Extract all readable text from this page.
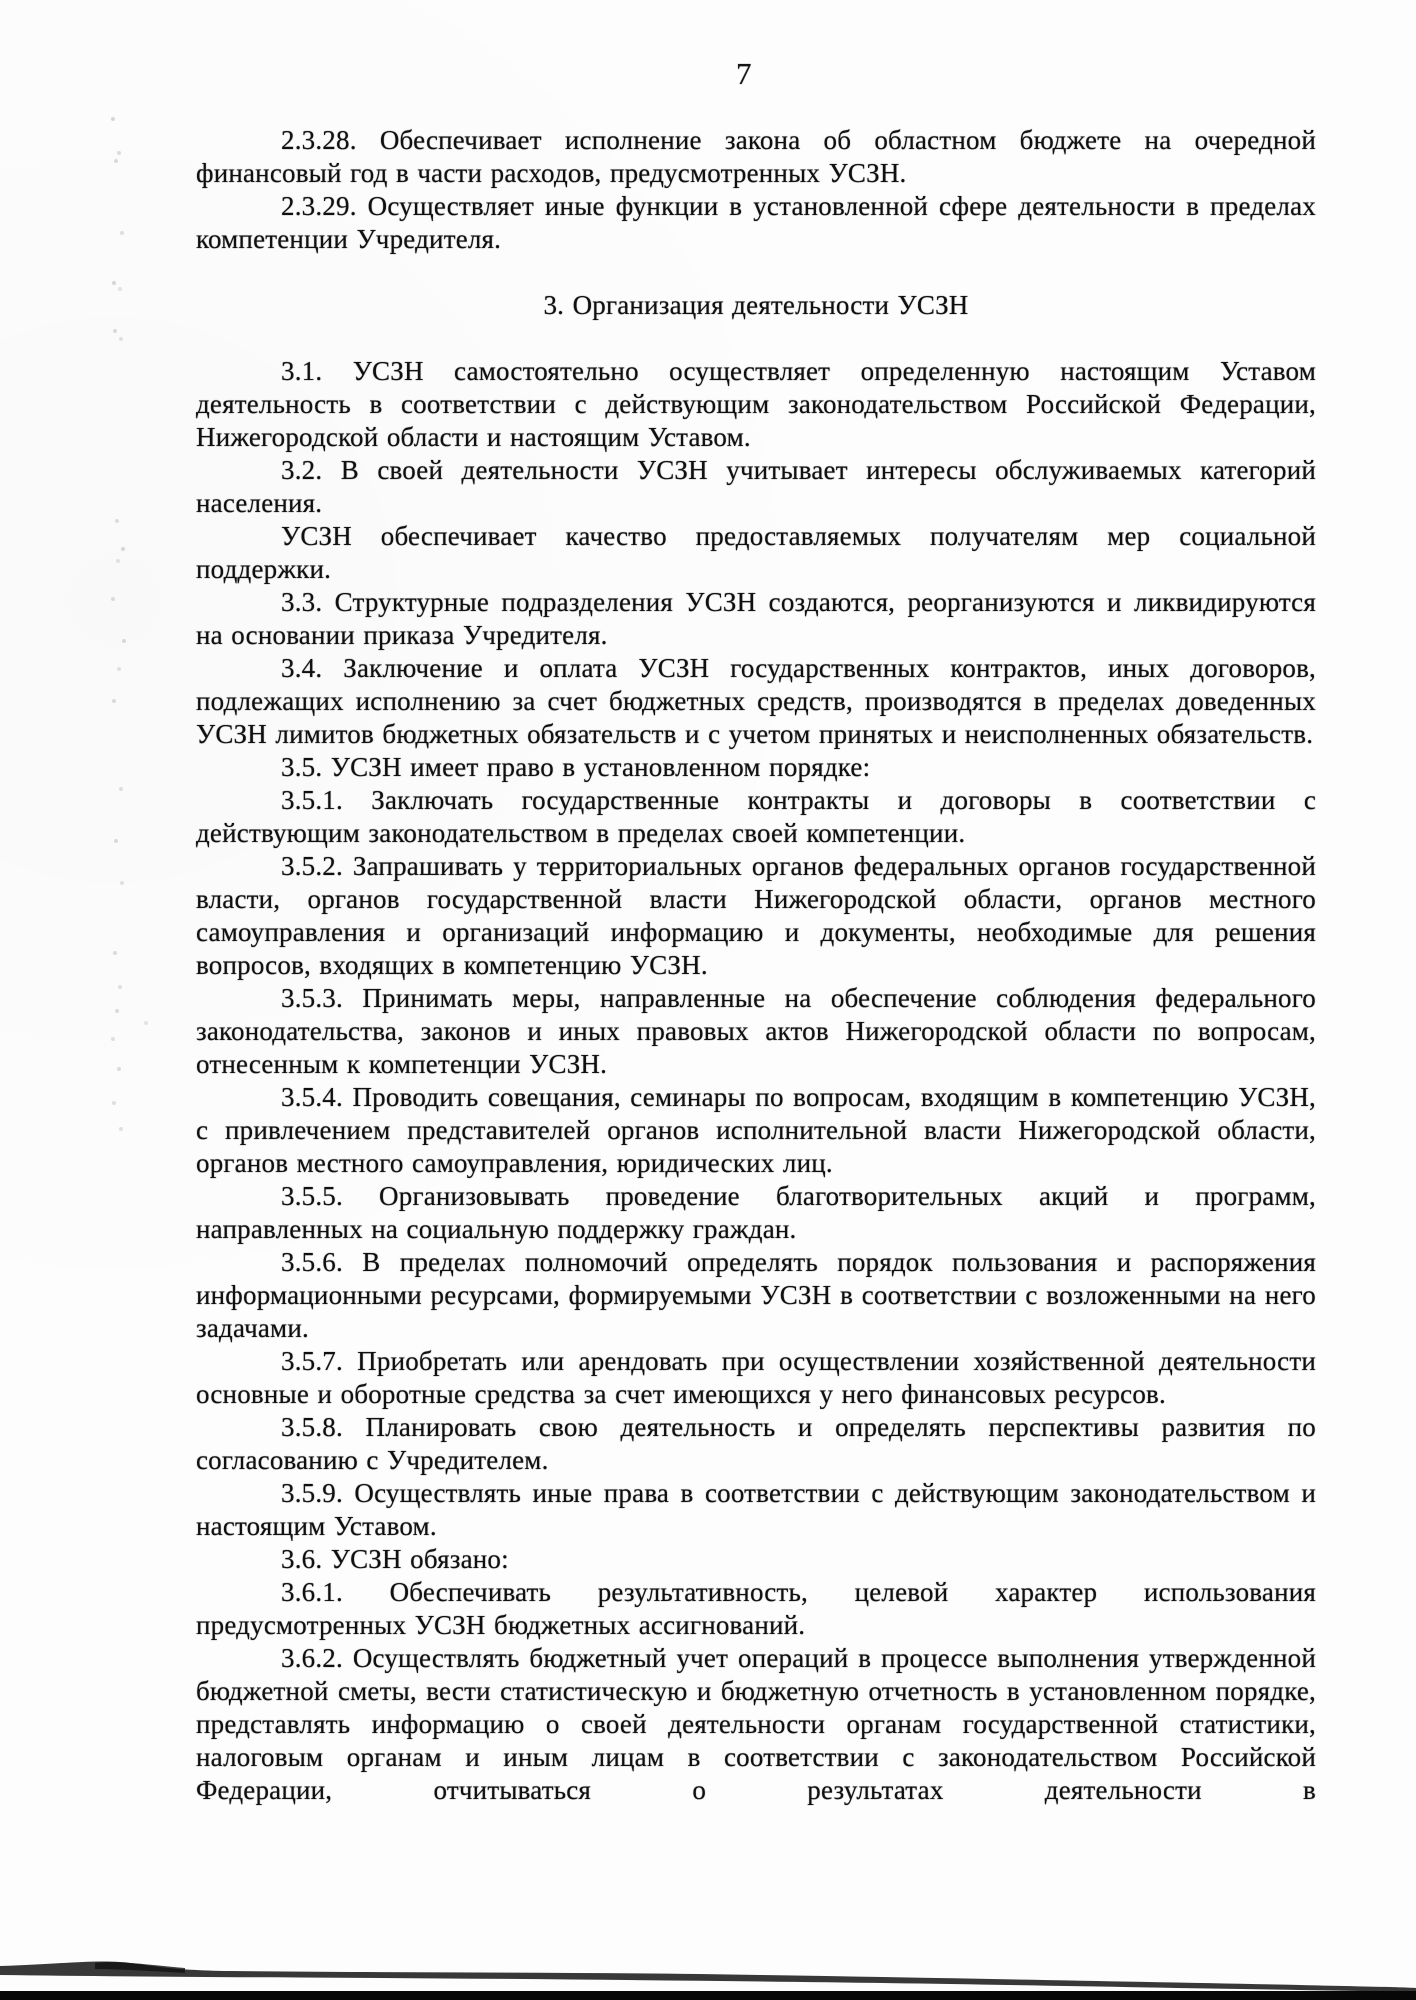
7

2.3.28. Обеспечивает исполнение закона об областном бюджете на очередной финансовый год в части расходов, предусмотренных УСЗН.

2.3.29. Осуществляет иные функции в установленной сфере деятельности в пределах компетенции Учредителя.

3. Организация деятельности УСЗН

3.1. УСЗН самостоятельно осуществляет определенную настоящим Уставом деятельность в соответствии с действующим законодательством Российской Федерации, Нижегородской области и настоящим Уставом.

3.2. В своей деятельности УСЗН учитывает интересы обслуживаемых категорий населения.

УСЗН обеспечивает качество предоставляемых получателям мер социальной поддержки.

3.3. Структурные подразделения УСЗН создаются, реорганизуются и ликвидируются на основании приказа Учредителя.

3.4. Заключение и оплата УСЗН государственных контрактов, иных договоров, подлежащих исполнению за счет бюджетных средств, производятся в пределах доведенных УСЗН лимитов бюджетных обязательств и с учетом принятых и неисполненных обязательств.

3.5. УСЗН имеет право в установленном порядке:

3.5.1. Заключать государственные контракты и договоры в соответствии с действующим законодательством в пределах своей компетенции.

3.5.2. Запрашивать у территориальных органов федеральных органов государственной власти, органов государственной власти Нижегородской области, органов местного самоуправления и организаций информацию и документы, необходимые для решения вопросов, входящих в компетенцию УСЗН.

3.5.3. Принимать меры, направленные на обеспечение соблюдения федерального законодательства, законов и иных правовых актов Нижегородской области по вопросам, отнесенным к компетенции УСЗН.

3.5.4. Проводить совещания, семинары по вопросам, входящим в компетенцию УСЗН, с привлечением представителей органов исполнительной власти Нижегородской области, органов местного самоуправления, юридических лиц.

3.5.5. Организовывать проведение благотворительных акций и программ, направленных на социальную поддержку граждан.

3.5.6. В пределах полномочий определять порядок пользования и распоряжения информационными ресурсами, формируемыми УСЗН в соответствии с возложенными на него задачами.

3.5.7. Приобретать или арендовать при осуществлении хозяйственной деятельности основные и оборотные средства за счет имеющихся у него финансовых ресурсов.

3.5.8. Планировать свою деятельность и определять перспективы развития по согласованию с Учредителем.

3.5.9. Осуществлять иные права в соответствии с действующим законодательством и настоящим Уставом.

3.6. УСЗН обязано:

3.6.1. Обеспечивать результативность, целевой характер использования предусмотренных УСЗН бюджетных ассигнований.

3.6.2. Осуществлять бюджетный учет операций в процессе выполнения утвержденной бюджетной сметы, вести статистическую и бюджетную отчетность в установленном порядке, представлять информацию о своей деятельности органам государственной статистики, налоговым органам и иным лицам в соответствии с законодательством Российской Федерации, отчитываться о результатах деятельности в
